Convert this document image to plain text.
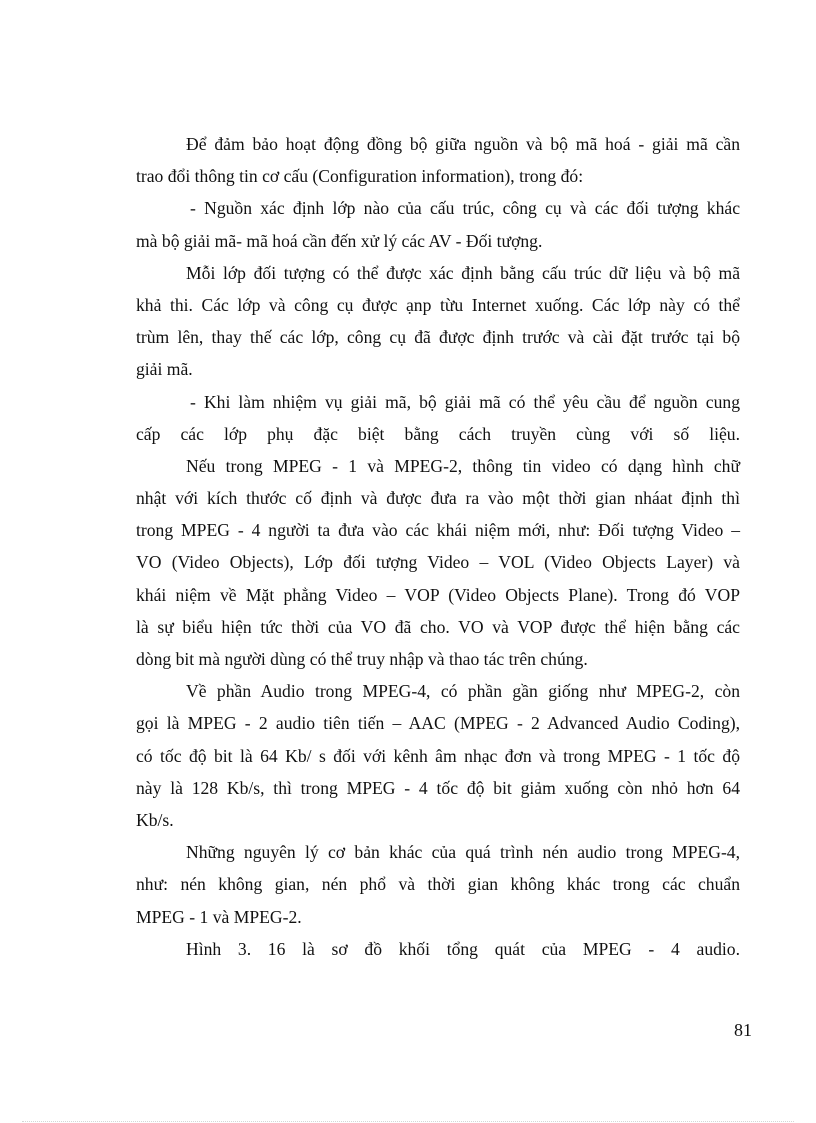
Để đảm bảo hoạt động đồng bộ giữa nguồn và bộ mã hoá - giải mã cần
trao đổi thông tin cơ cấu (Configuration information), trong đó:
- Nguồn xác định lớp nào của cấu trúc, công cụ và các đối tượng khác
mà bộ giải mã- mã hoá cần đến xử lý các AV - Đối tượng.
Mỗi lớp đối tượng có thể được xác định bằng cấu trúc dữ liệu và bộ mã
khả thi. Các lớp và công cụ được ạnp từu Internet xuống. Các lớp này có thể
trùm lên, thay thế các lớp, công cụ đã được định trước và cài đặt trước tại bộ
giải mã.
- Khi làm nhiệm vụ giải mã, bộ giải mã có thể yêu cầu để nguồn cung
cấp các lớp phụ đặc biệt bằng cách truyền cùng với số liệu.
Nếu trong MPEG - 1 và MPEG-2, thông tin video có dạng hình chữ
nhật với kích thước cố định và được đưa ra vào một thời gian nháat định thì
trong MPEG - 4 người ta đưa vào các khái niệm mới, như: Đối tượng Video –
VO (Video Objects), Lớp đối tượng Video – VOL (Video Objects Layer) và
khái niệm về Mặt phẳng Video – VOP (Video Objects Plane). Trong đó VOP
là sự biểu hiện tức thời của VO đã cho. VO và VOP được thể hiện bằng các
dòng bit mà người dùng có thể truy nhập và thao tác trên chúng.
Về phần Audio trong MPEG-4, có phần gần giống như MPEG-2, còn
gọi là MPEG - 2 audio tiên tiến – AAC (MPEG - 2 Advanced Audio Coding),
có tốc độ bit là 64 Kb/ s đối với kênh âm nhạc đơn và trong MPEG - 1 tốc độ
này là 128 Kb/s, thì trong MPEG - 4 tốc độ bit giảm xuống còn nhỏ hơn 64
Kb/s.
Những nguyên lý cơ bản khác của quá trình nén audio trong MPEG-4,
như: nén không gian, nén phổ và thời gian không khác trong các chuẩn
MPEG - 1 và MPEG-2.
Hình 3. 16 là sơ đồ khối tổng quát của MPEG - 4 audio.
81
